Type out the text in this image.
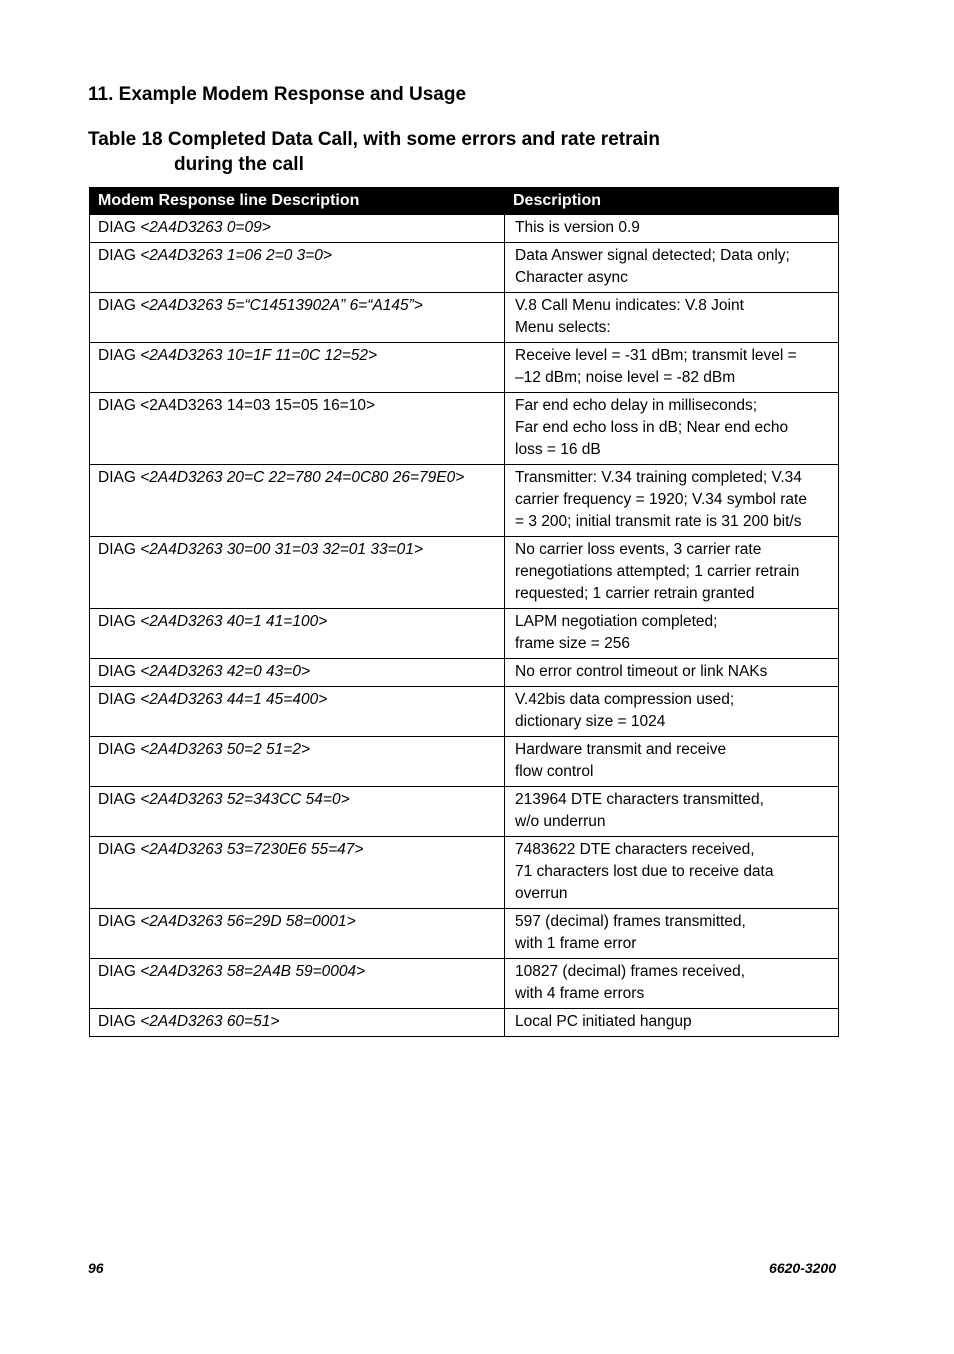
11. Example Modem Response and Usage
Table 18 Completed Data Call, with some errors and rate retrain
during the call
Modem Response line Description	Description
DIAG <2A4D3263 0=09>	This is version 0.9
DIAG <2A4D3263 1=06 2=0 3=0>	Data Answer signal detected; Data only;
Character async
DIAG <2A4D3263 5=“C14513902A” 6=“A145”>	V.8 Call Menu indicates: V.8 Joint
Menu selects:
DIAG <2A4D3263 10=1F 11=0C 12=52>	Receive level = -31 dBm; transmit level =
–12 dBm; noise level = -82 dBm
DIAG <2A4D3263 14=03 15=05 16=10>	Far end echo delay in milliseconds;
Far end echo loss in dB; Near end echo
loss = 16 dB
DIAG <2A4D3263 20=C 22=780 24=0C80 26=79E0>	Transmitter: V.34 training completed; V.34
carrier frequency = 1920; V.34 symbol rate
= 3 200; initial transmit rate is 31 200 bit/s
DIAG <2A4D3263 30=00 31=03 32=01 33=01>	No carrier loss events, 3 carrier rate
renegotiations attempted; 1 carrier retrain
requested; 1 carrier retrain granted
DIAG <2A4D3263 40=1 41=100>	LAPM negotiation completed;
frame size = 256
DIAG <2A4D3263 42=0 43=0>	No error control timeout or link NAKs
DIAG <2A4D3263 44=1 45=400>	V.42bis data compression used;
dictionary size = 1024
DIAG <2A4D3263 50=2 51=2>	Hardware transmit and receive
flow control
DIAG <2A4D3263 52=343CC 54=0>	213964 DTE characters transmitted,
w/o underrun
DIAG <2A4D3263 53=7230E6 55=47>	7483622 DTE characters received,
71 characters lost due to receive data
overrun
DIAG <2A4D3263 56=29D 58=0001>	597 (decimal) frames transmitted,
with 1 frame error
DIAG <2A4D3263 58=2A4B 59=0004>	10827 (decimal) frames received,
with 4 frame errors
DIAG <2A4D3263 60=51>	Local PC initiated hangup
96	6620-3200
